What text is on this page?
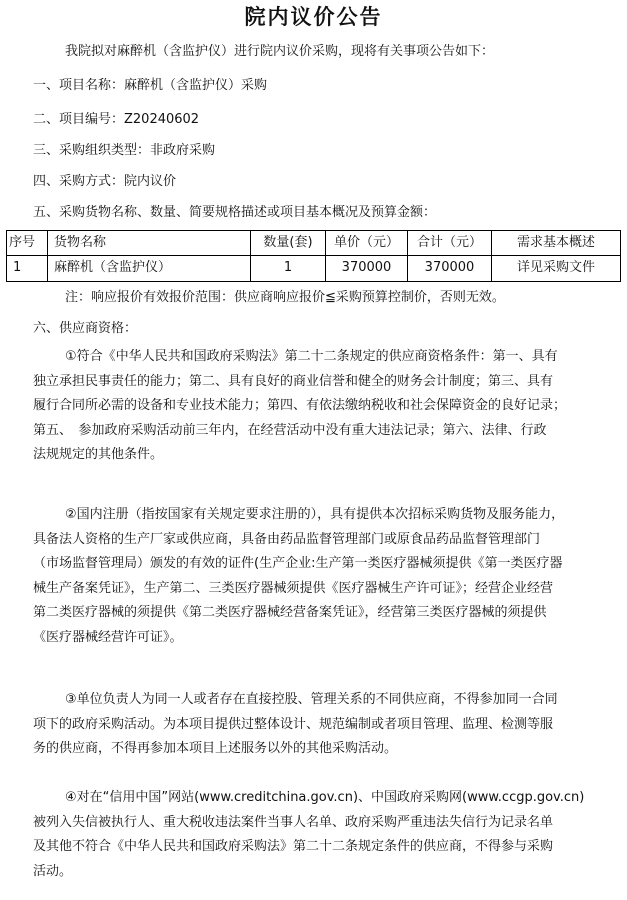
院内议价公告
我院拟对麻醉机（含监护仪）进行院内议价采购，现将有关事项公告如下：
一、项目名称：麻醉机（含监护仪）采购
二、项目编号：Z20240602
三、采购组织类型：非政府采购
四、采购方式：院内议价
五、采购货物名称、数量、简要规格描述或项目基本概况及预算金额：
序号	货物名称	数量(套)	单价（元）	合计（元）	需求基本概述
1	麻醉机（含监护仪）	1	370000	370000	详见采购文件
注：响应报价有效报价范围：供应商响应报价≦采购预算控制价，否则无效。
六、供应商资格：
①符合《中华人民共和国政府采购法》第二十二条规定的供应商资格条件：第一、具有
独立承担民事责任的能力；第二、具有良好的商业信誉和健全的财务会计制度；第三、具有
履行合同所必需的设备和专业技术能力；第四、有依法缴纳税收和社会保障资金的良好记录；
第五、　参加政府采购活动前三年内，在经营活动中没有重大违法记录；第六、法律、行政
法规规定的其他条件。
②国内注册（指按国家有关规定要求注册的），具有提供本次招标采购货物及服务能力，
具备法人资格的生产厂家或供应商，具备由药品监督管理部门或原食品药品监督管理部门
（市场监督管理局）颁发的有效的证件(生产企业:生产第一类医疗器械须提供《第一类医疗器
械生产备案凭证》，生产第二、三类医疗器械须提供《医疗器械生产许可证》；经营企业经营
第二类医疗器械的须提供《第二类医疗器械经营备案凭证》，经营第三类医疗器械的须提供
《医疗器械经营许可证》。
③单位负责人为同一人或者存在直接控股、管理关系的不同供应商，不得参加同一合同
项下的政府采购活动。为本项目提供过整体设计、规范编制或者项目管理、监理、检测等服
务的供应商，不得再参加本项目上述服务以外的其他采购活动。
④对在“信用中国”网站(www.creditchina.gov.cn)、中国政府采购网(www.ccgp.gov.cn)
被列入失信被执行人、重大税收违法案件当事人名单、政府采购严重违法失信行为记录名单
及其他不符合《中华人民共和国政府采购法》第二十二条规定条件的供应商，不得参与采购
活动。
